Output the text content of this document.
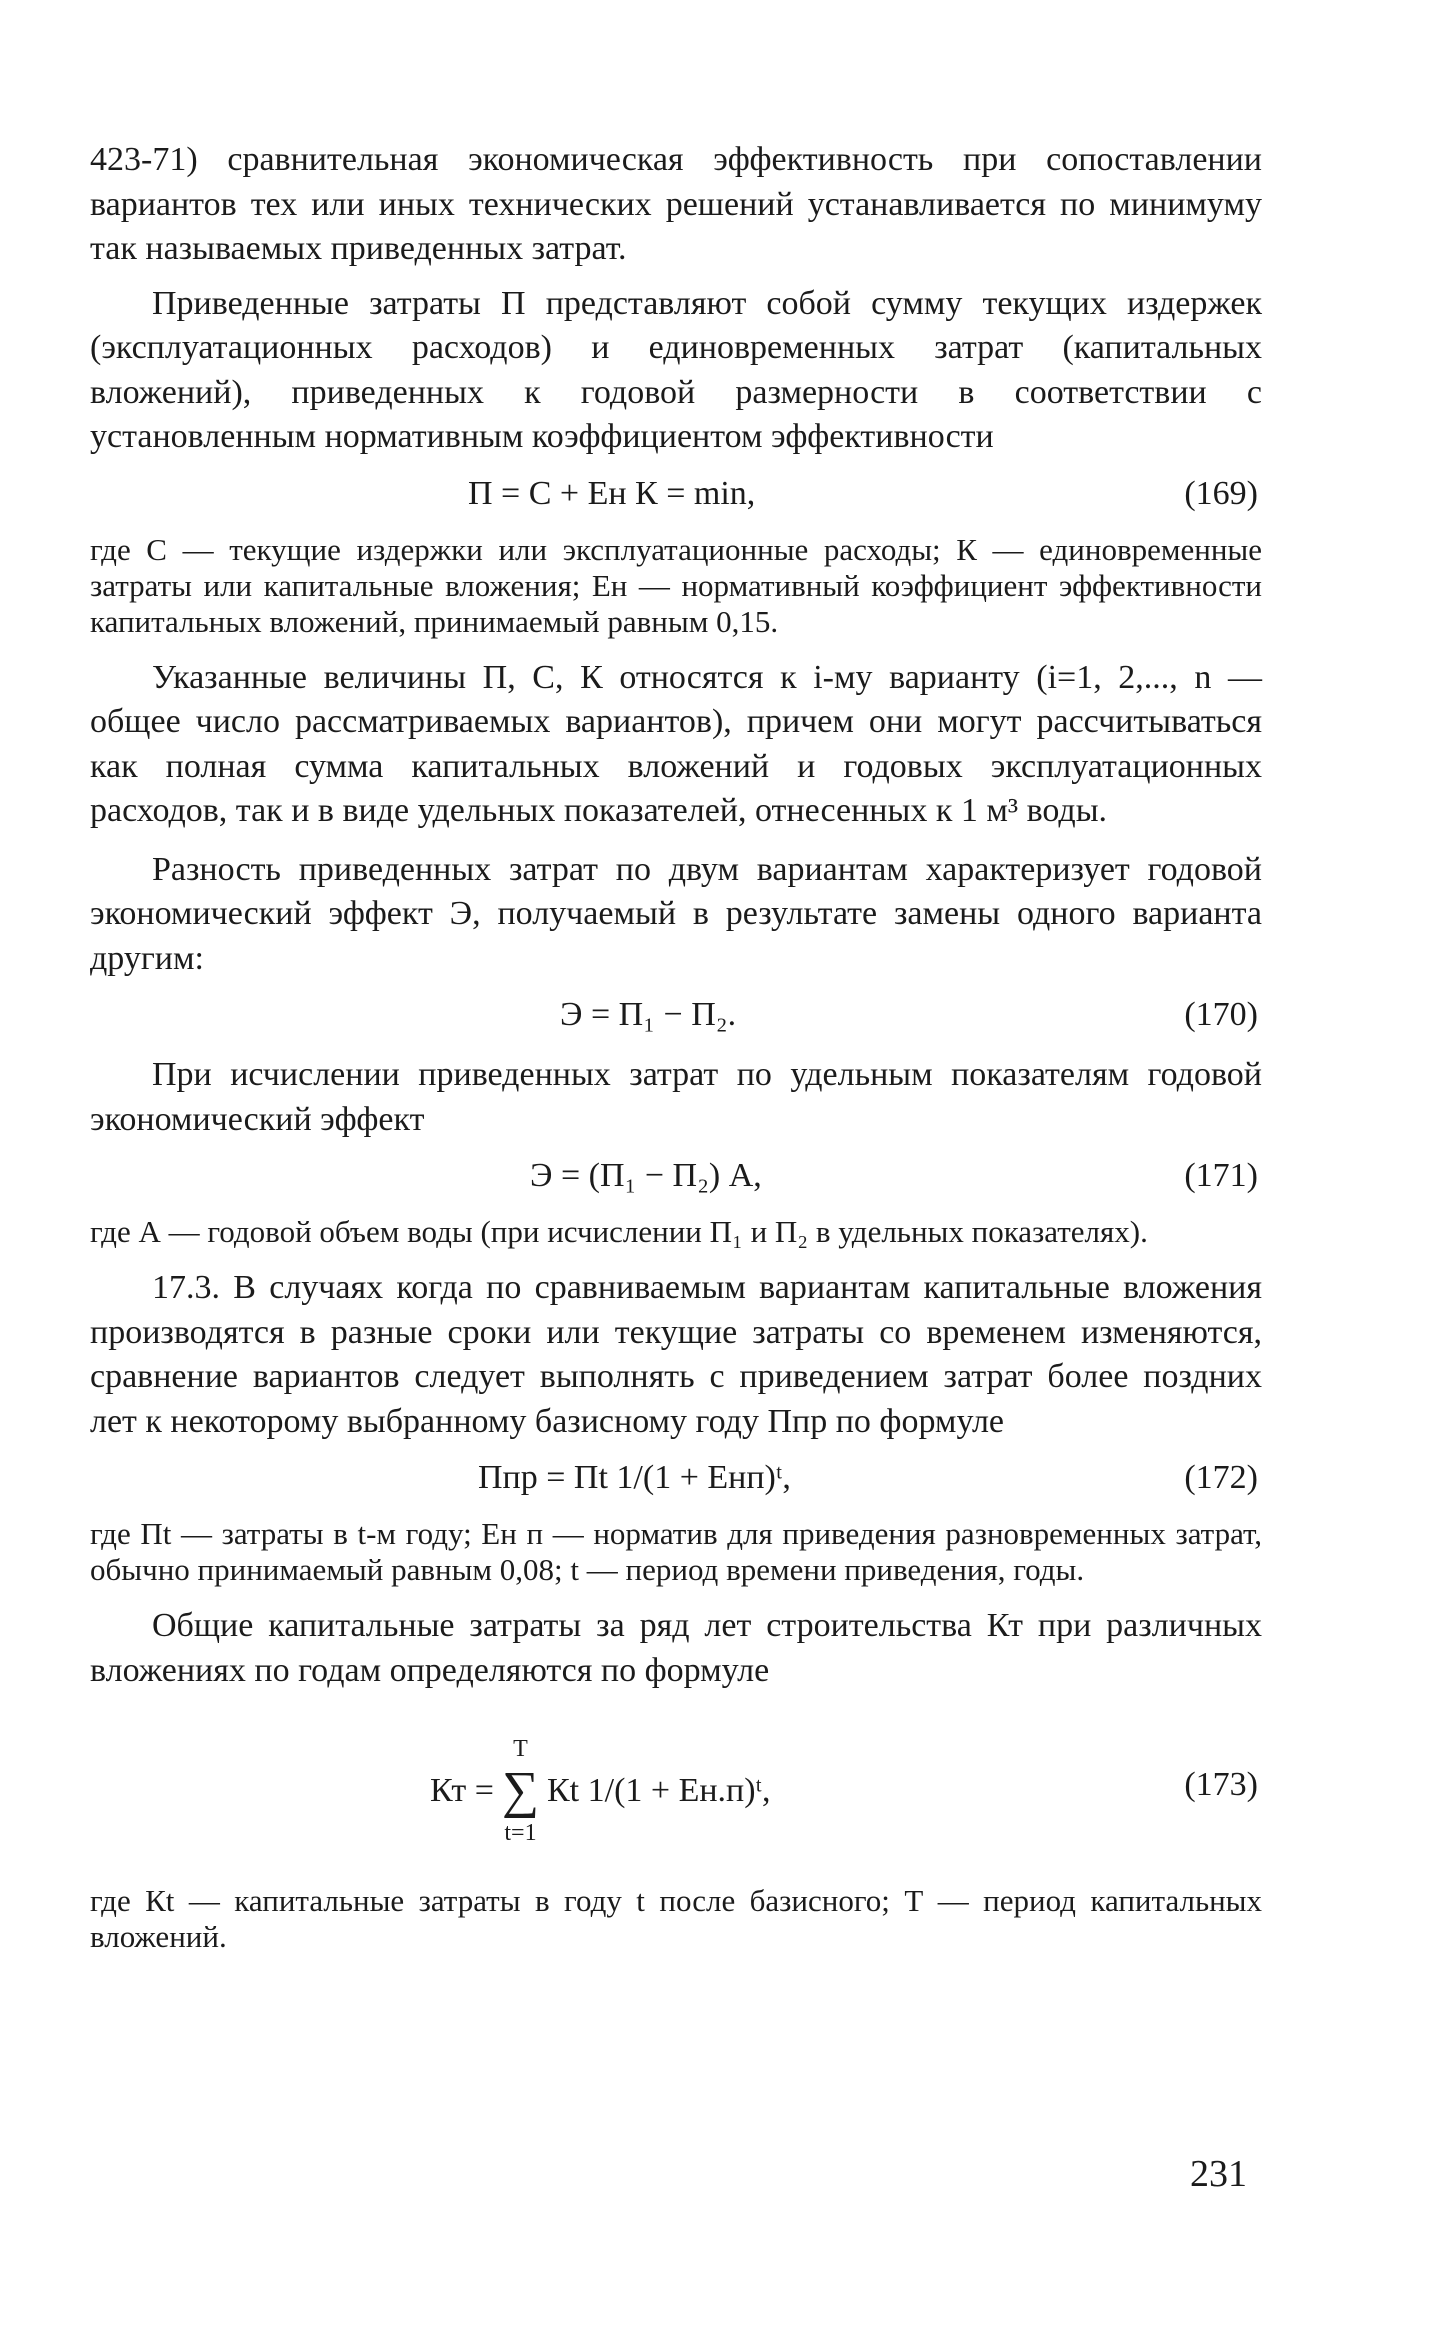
423-71) сравнительная экономическая эффективность при сопоставлении вариантов тех или иных технических решений устанавливается по минимуму так называемых приведенных затрат.

Приведенные затраты П представляют собой сумму текущих издержек (эксплуатационных расходов) и единовременных затрат (капитальных вложений), приведенных к годовой размерности в соответствии с установленным нормативным коэффициентом эффективности

П = С + Eн К = min,	(169)

где С — текущие издержки или эксплуатационные расходы; К — единовременные затраты или капитальные вложения; Eн — нормативный коэффициент эффективности капитальных вложений, принимаемый равным 0,15.

Указанные величины П, С, К относятся к i-му варианту (i=1, 2,..., n — общее число рассматриваемых вариантов), причем они могут рассчитываться как полная сумма капитальных вложений и годовых эксплуатационных расходов, так и в виде удельных показателей, отнесенных к 1 м³ воды.

Разность приведенных затрат по двум вариантам характеризует годовой экономический эффект Э, получаемый в результате замены одного варианта другим:

Э = П₁ − П₂.	(170)

При исчислении приведенных затрат по удельным показателям годовой экономический эффект

Э = (П₁ − П₂) А,	(171)

где А — годовой объем воды (при исчислении П₁ и П₂ в удельных показателях).

17.3. В случаях когда по сравниваемым вариантам капитальные вложения производятся в разные сроки или текущие затраты со временем изменяются, сравнение вариантов следует выполнять с приведением затрат более поздних лет к некоторому выбранному базисному году Ппр по формуле

Ппр = Пt 1/(1 + Eнп)ᵗ,	(172)

где Пt — затраты в t-м году; Eн п — норматив для приведения разновременных затрат, обычно принимаемый равным 0,08; t — период времени приведения, годы.

Общие капитальные затраты за ряд лет строительства Кт при различных вложениях по годам определяются по формуле

Кт =
T
∑
t=1
Кt 1/(1 + Eн.п)ᵗ,	(173)

где Кt — капитальные затраты в году t после базисного; Т — период капитальных вложений.

231
